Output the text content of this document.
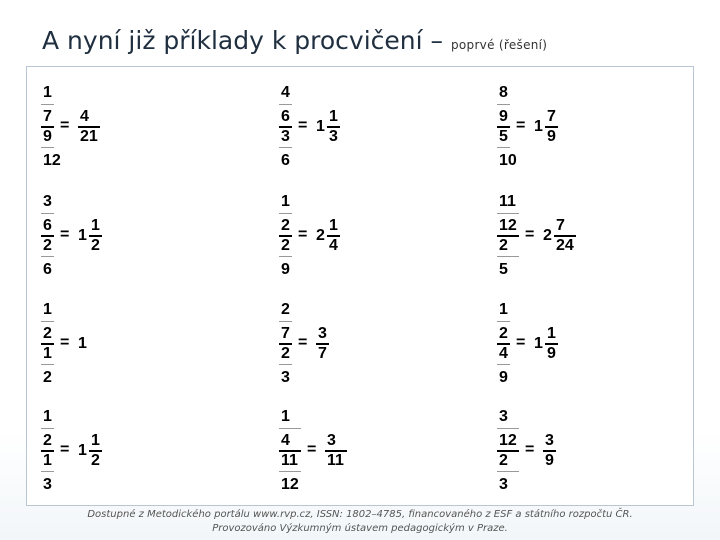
A nyní již příklady k procvičení – poprvé (řešení)
1
7
9
12
=
4
21
4
6
3
6
= 1
1
3
8
9
5
10
= 1
7
9
3
6
2
6
= 1
1
2
1
2
2
9
= 2
1
4
11
12
2
5
= 2
7
24
1
2
1
2
= 1
2
7
2
3
=
3
7
1
2
4
9
= 1
1
9
1
2
1
3
= 1
1
2
1
4
11
12
=
3
11
3
12
2
3
=
3
9
Dostupné z Metodického portálu www.rvp.cz, ISSN: 1802–4785, financovaného z ESF a státního rozpočtu ČR.
Provozováno Výzkumným ústavem pedagogickým v Praze.
